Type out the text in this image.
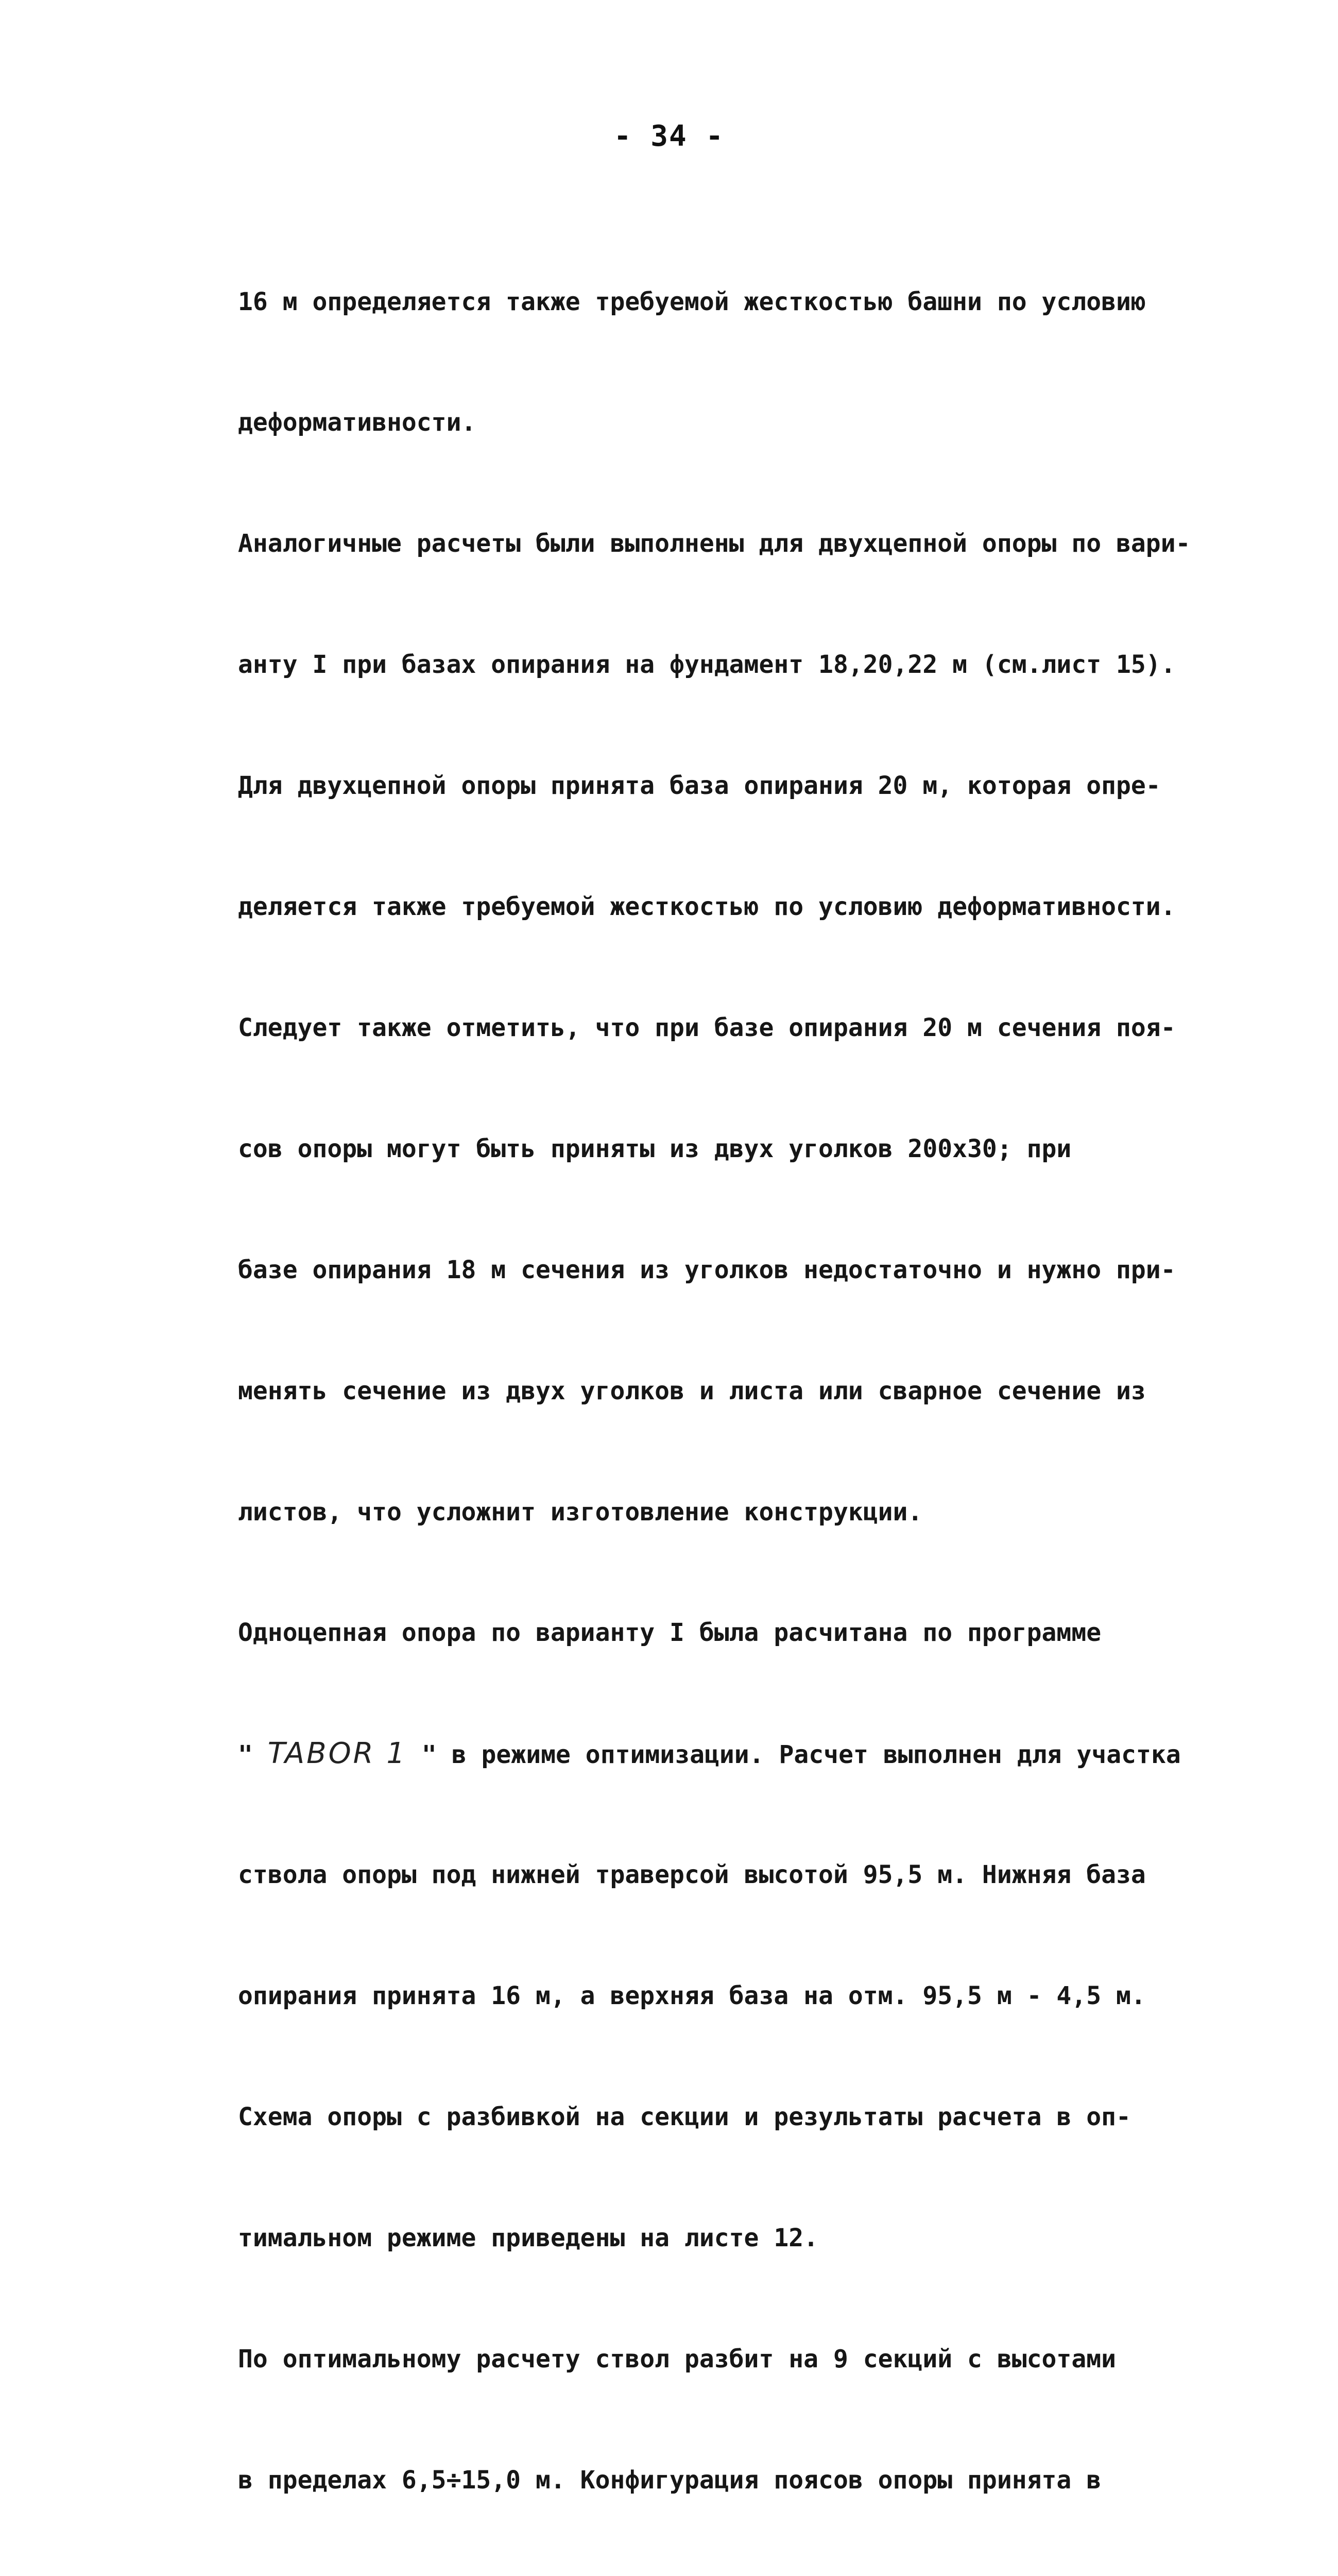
- 34 -

16 м определяется также требуемой жесткостью башни по условию

деформативности.

Аналогичные расчеты были выполнены для двухцепной опоры по вари-

анту I при базах опирания на фундамент 18,20,22 м (см.лист 15).

Для двухцепной опоры принята база опирания 20 м, которая опре-

деляется также требуемой жесткостью по условию деформативности.

Следует также отметить, что при базе опирания 20 м сечения поя-

сов опоры могут быть приняты из двух уголков 200х30; при

базе опирания 18 м сечения из уголков недостаточно и нужно при-

менять сечение из двух уголков и листа или сварное сечение из

листов, что усложнит изготовление конструкции.

Одноцепная опора по варианту I была расчитана по программе

" TABOR 1 " в режиме оптимизации. Расчет выполнен для участка

ствола опоры под нижней траверсой высотой 95,5 м. Нижняя база

опирания принята 16 м, а верхняя база на отм. 95,5 м - 4,5 м.

Схема опоры с разбивкой на секции и результаты расчета в оп-

тимальном режиме приведены на листе 12.

По оптимальному расчету ствол разбит на 9 секций с высотами

в пределах 6,5÷15,0 м. Конфигурация поясов опоры принята в
